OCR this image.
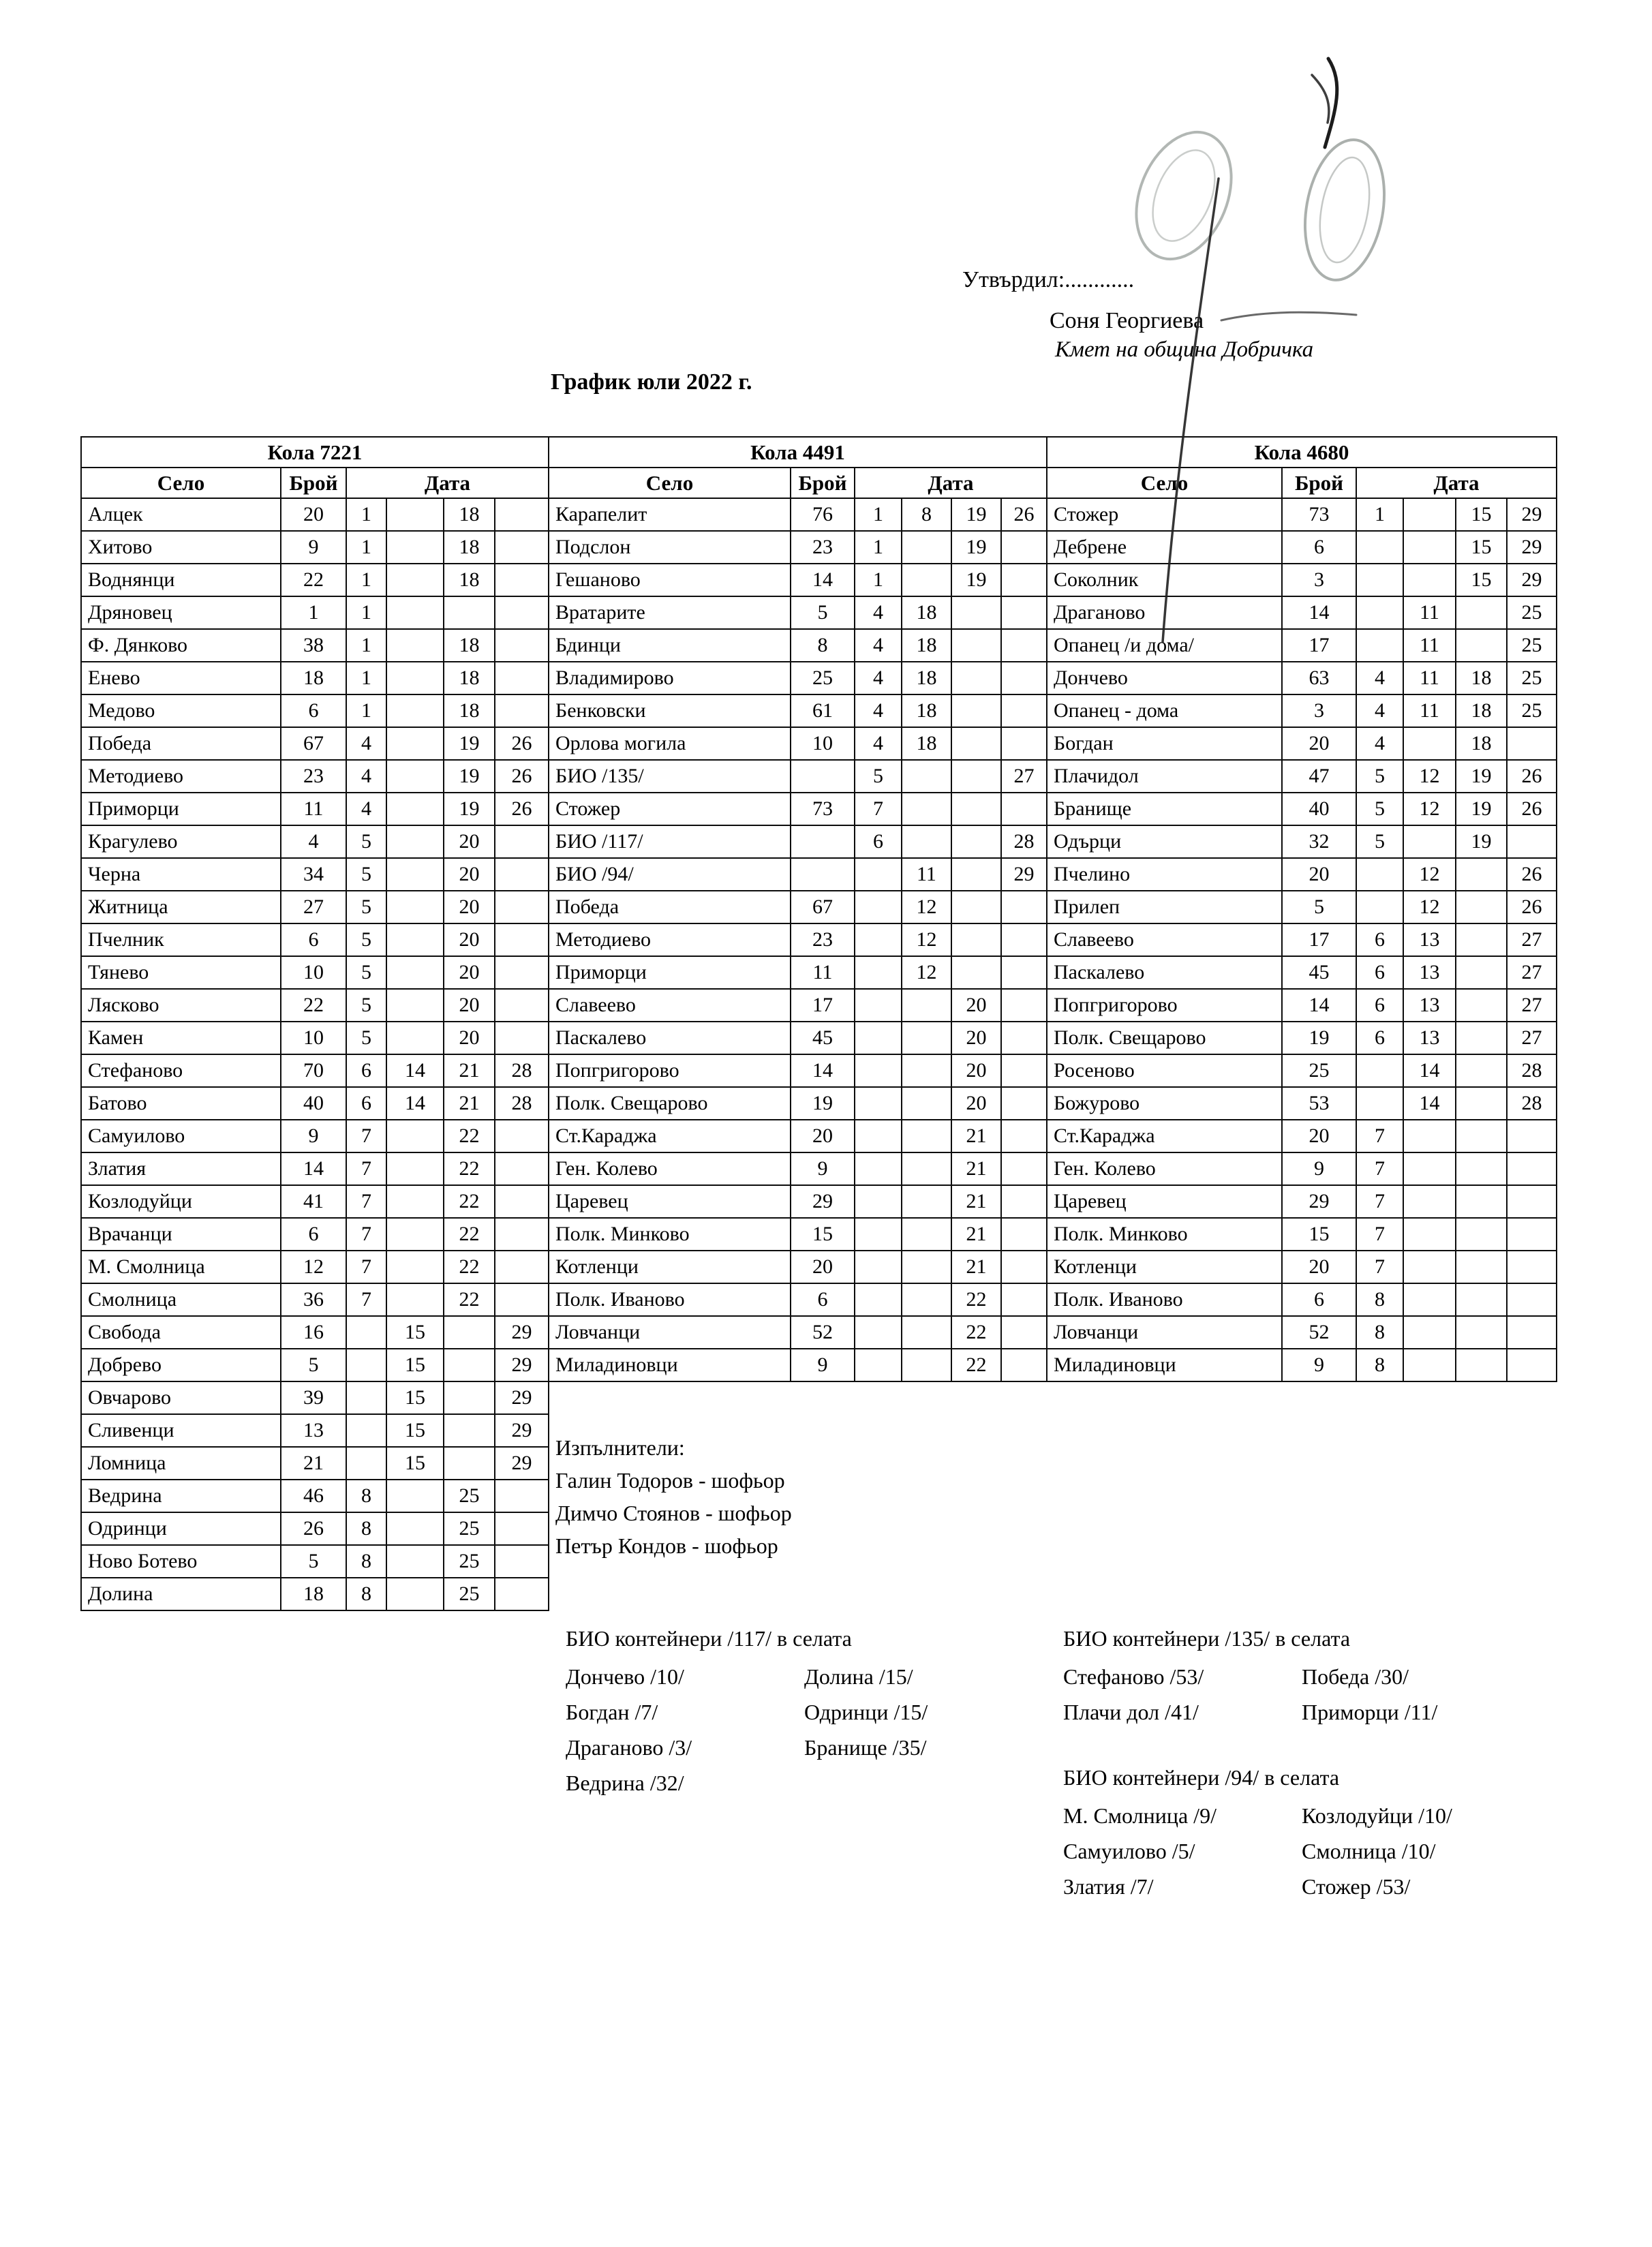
Утвърдил:............
Соня Георгиева
Кмет на община Добричка
График юли 2022 г.
Кола 7221					
Село	Брой	Дата			
Алцек	20	1		18	
Хитово	9	1		18	
Воднянци	22	1		18	
Дряновец	1	1			
Ф. Дянково	38	1		18	
Енево	18	1		18	
Медово	6	1		18	
Победа	67	4		19	26
Методиево	23	4		19	26
Приморци	11	4		19	26
Крагулево	4	5		20	
Черна	34	5		20	
Житница	27	5		20	
Пчелник	6	5		20	
Тянево	10	5		20	
Лясково	22	5		20	
Камен	10	5		20	
Стефаново	70	6	14	21	28
Батово	40	6	14	21	28
Самуилово	9	7		22	
Златия	14	7		22	
Козлодуйци	41	7		22	
Врачанци	6	7		22	
М. Смолница	12	7		22	
Смолница	36	7		22	
Свобода	16		15		29
Добрево	5		15		29
Овчарово	39		15		29
Сливенци	13		15		29
Ломница	21		15		29
Ведрина	46	8		25	
Одринци	26	8		25	
Ново Ботево	5	8		25	
Долина	18	8		25	
Кола 4491					
Село	Брой	Дата			
Карапелит	76	1	8	19	26
Подслон	23	1		19	
Гешаново	14	1		19	
Вратарите	5	4	18		
Бдинци	8	4	18		
Владимирово	25	4	18		
Бенковски	61	4	18		
Орлова могила	10	4	18		
БИО /135/		5			27
Стожер	73	7			
БИО /117/		6			28
БИО /94/			11		29
Победа	67		12		
Методиево	23		12		
Приморци	11		12		
Славеево	17			20	
Паскалево	45			20	
Попгригорово	14			20	
Полк. Свещарово	19			20	
Ст.Караджа	20			21	
Ген. Колево	9			21	
Царевец	29			21	
Полк. Минково	15			21	
Котленци	20			21	
Полк. Иваново	6			22	
Ловчанци	52			22	
Миладиновци	9			22	
Кола 4680					
Село	Брой	Дата			
Стожер	73	1		15	29
Дебрене	6			15	29
Соколник	3			15	29
Драганово	14		11		25
Опанец /и дома/	17		11		25
Дончево	63	4	11	18	25
Опанец - дома	3	4	11	18	25
Богдан	20	4		18	
Плачидол	47	5	12	19	26
Бранище	40	5	12	19	26
Одърци	32	5		19	
Пчелино	20		12		26
Прилеп	5		12		26
Славеево	17	6	13		27
Паскалево	45	6	13		27
Попгригорово	14	6	13		27
Полк. Свещарово	19	6	13		27
Росеново	25		14		28
Божурово	53		14		28
Ст.Караджа	20	7			
Ген. Колево	9	7			
Царевец	29	7			
Полк. Минково	15	7			
Котленци	20	7			
Полк. Иваново	6	8			
Ловчанци	52	8			
Миладиновци	9	8			
Изпълнители:
Галин Тодоров - шофьор
Димчо Стоянов - шофьор
Петър Кондов - шофьор
БИО контейнери /117/ в селата
Дончево /10/
Богдан /7/
Драганово /3/
Ведрина /32/
Долина /15/
Одринци /15/
Бранище /35/
БИО контейнери /135/ в селата
Стефаново /53/
Плачи дол /41/
Победа /30/
Приморци /11/
БИО контейнери /94/ в селата
М. Смолница /9/
Самуилово /5/
Златия /7/
Козлодуйци /10/
Смолница /10/
Стожер /53/
